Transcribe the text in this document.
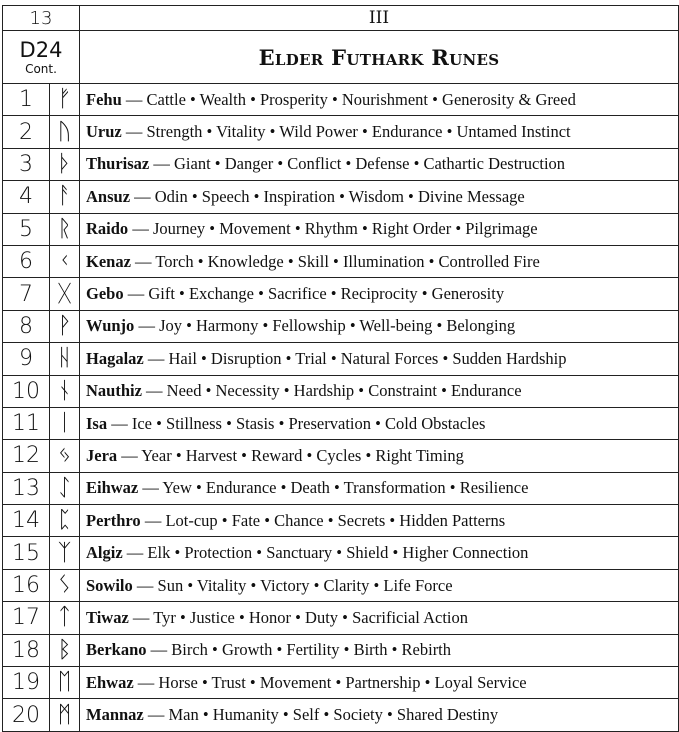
13		III

D24
Cont.		Elder Futhark Runes
1	ᚠ	Fehu — Cattle • Wealth • Prosperity • Nourishment • Generosity & Greed
2	ᚢ	Uruz — Strength • Vitality • Wild Power • Endurance • Untamed Instinct
3	ᚦ	Thurisaz — Giant • Danger • Conflict • Defense • Cathartic Destruction
4	ᚨ	Ansuz — Odin • Speech • Inspiration • Wisdom • Divine Message
5	ᚱ	Raido — Journey • Movement • Rhythm • Right Order • Pilgrimage
6	ᚲ	Kenaz — Torch • Knowledge • Skill • Illumination • Controlled Fire
7	ᚷ	Gebo — Gift • Exchange • Sacrifice • Reciprocity • Generosity
8	ᚹ	Wunjo — Joy • Harmony • Fellowship • Well-being • Belonging
9	ᚺ	Hagalaz — Hail • Disruption • Trial • Natural Forces • Sudden Hardship
10	ᚾ	Nauthiz — Need • Necessity • Hardship • Constraint • Endurance
11	ᛁ	Isa — Ice • Stillness • Stasis • Preservation • Cold Obstacles
12	ᛃ	Jera — Year • Harvest • Reward • Cycles • Right Timing
13	ᛇ	Eihwaz — Yew • Endurance • Death • Transformation • Resilience
14	ᛈ	Perthro — Lot-cup • Fate • Chance • Secrets • Hidden Patterns
15	ᛉ	Algiz — Elk • Protection • Sanctuary • Shield • Higher Connection
16	ᛊ	Sowilo — Sun • Vitality • Victory • Clarity • Life Force
17	ᛏ	Tiwaz — Tyr • Justice • Honor • Duty • Sacrificial Action
18	ᛒ	Berkano — Birch • Growth • Fertility • Birth • Rebirth
19	ᛖ	Ehwaz — Horse • Trust • Movement • Partnership • Loyal Service
20	ᛗ	Mannaz — Man • Humanity • Self • Society • Shared Destiny
